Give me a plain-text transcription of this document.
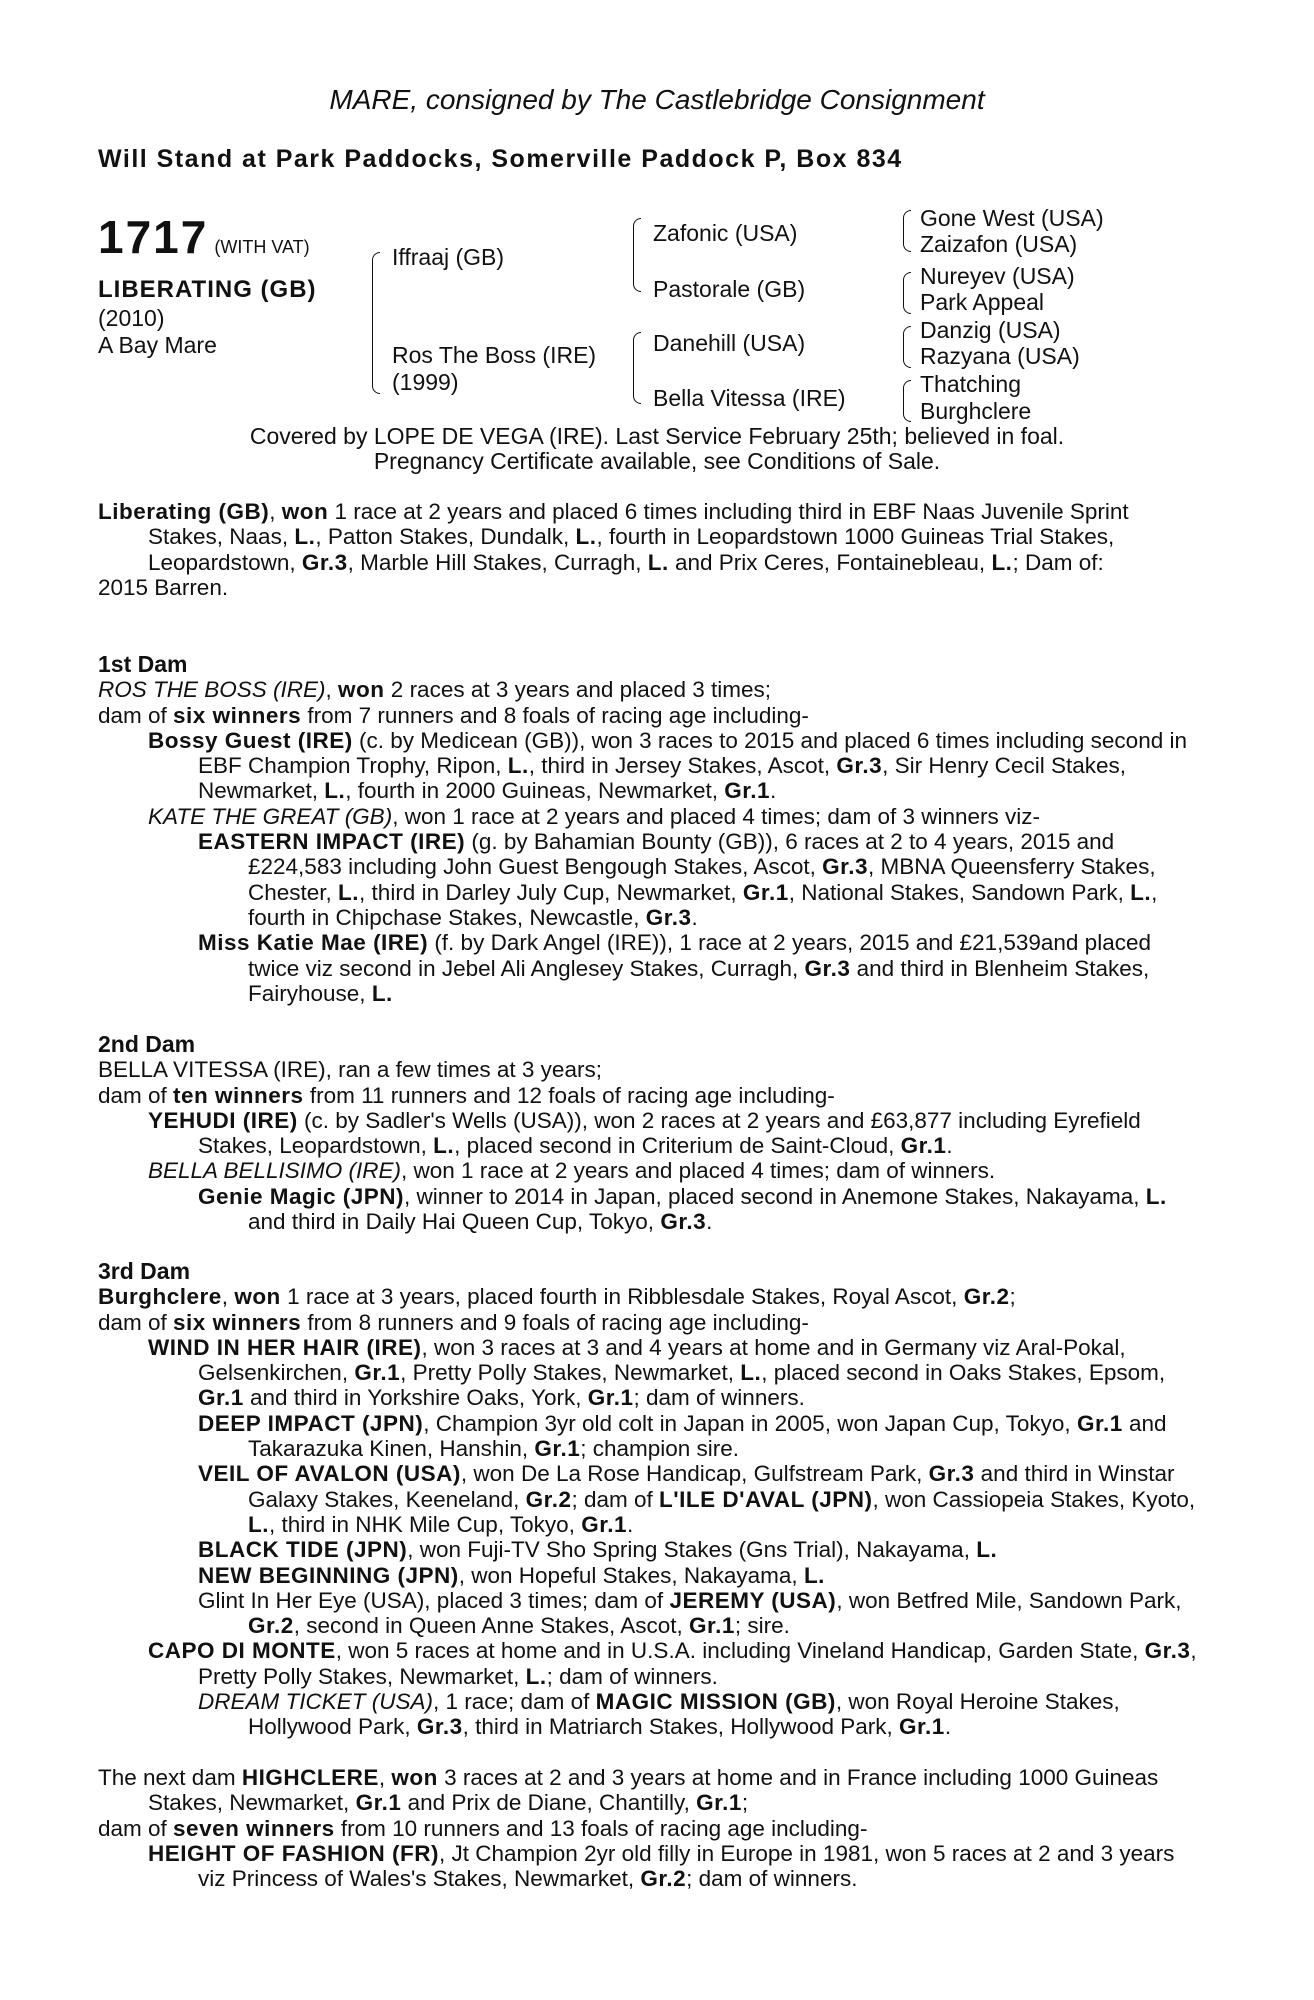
MARE, consigned by The Castlebridge Consignment
Will Stand at Park Paddocks, Somerville Paddock P, Box 834
1717 (WITH VAT)
LIBERATING (GB)
(2010)
A Bay Mare
Iffraaj (GB)
Ros The Boss (IRE)
(1999)
Zafonic (USA)
Pastorale (GB)
Danehill (USA)
Bella Vitessa (IRE)
Gone West (USA)
Zaizafon (USA)
Nureyev (USA)
Park Appeal
Danzig (USA)
Razyana (USA)
Thatching
Burghclere
Covered by LOPE DE VEGA (IRE). Last Service February 25th; believed in foal.
Pregnancy Certificate available, see Conditions of Sale.

Liberating (GB), won 1 race at 2 years and placed 6 times including third in EBF Naas Juvenile Sprint Stakes, Naas, L., Patton Stakes, Dundalk, L., fourth in Leopardstown 1000 Guineas Trial Stakes, Leopardstown, Gr.3, Marble Hill Stakes, Curragh, L. and Prix Ceres, Fontainebleau, L.; Dam of:

2015 Barren.

1st Dam

ROS THE BOSS (IRE), won 2 races at 3 years and placed 3 times;

dam of six winners from 7 runners and 8 foals of racing age including-

Bossy Guest (IRE) (c. by Medicean (GB)), won 3 races to 2015 and placed 6 times including second in EBF Champion Trophy, Ripon, L., third in Jersey Stakes, Ascot, Gr.3, Sir Henry Cecil Stakes, Newmarket, L., fourth in 2000 Guineas, Newmarket, Gr.1.

KATE THE GREAT (GB), won 1 race at 2 years and placed 4 times; dam of 3 winners viz-

EASTERN IMPACT (IRE) (g. by Bahamian Bounty (GB)), 6 races at 2 to 4 years, 2015 and £224,583 including John Guest Bengough Stakes, Ascot, Gr.3, MBNA Queensferry Stakes, Chester, L., third in Darley July Cup, Newmarket, Gr.1, National Stakes, Sandown Park, L., fourth in Chipchase Stakes, Newcastle, Gr.3.

Miss Katie Mae (IRE) (f. by Dark Angel (IRE)), 1 race at 2 years, 2015 and £21,539and placed twice viz second in Jebel Ali Anglesey Stakes, Curragh, Gr.3 and third in Blenheim Stakes, Fairyhouse, L.

2nd Dam

BELLA VITESSA (IRE), ran a few times at 3 years;

dam of ten winners from 11 runners and 12 foals of racing age including-

YEHUDI (IRE) (c. by Sadler's Wells (USA)), won 2 races at 2 years and £63,877 including Eyrefield Stakes, Leopardstown, L., placed second in Criterium de Saint-Cloud, Gr.1.

BELLA BELLISIMO (IRE), won 1 race at 2 years and placed 4 times; dam of winners.

Genie Magic (JPN), winner to 2014 in Japan, placed second in Anemone Stakes, Nakayama, L. and third in Daily Hai Queen Cup, Tokyo, Gr.3.

3rd Dam

Burghclere, won 1 race at 3 years, placed fourth in Ribblesdale Stakes, Royal Ascot, Gr.2;

dam of six winners from 8 runners and 9 foals of racing age including-

WIND IN HER HAIR (IRE), won 3 races at 3 and 4 years at home and in Germany viz Aral-Pokal, Gelsenkirchen, Gr.1, Pretty Polly Stakes, Newmarket, L., placed second in Oaks Stakes, Epsom, Gr.1 and third in Yorkshire Oaks, York, Gr.1; dam of winners.

DEEP IMPACT (JPN), Champion 3yr old colt in Japan in 2005, won Japan Cup, Tokyo, Gr.1 and Takarazuka Kinen, Hanshin, Gr.1; champion sire.

VEIL OF AVALON (USA), won De La Rose Handicap, Gulfstream Park, Gr.3 and third in Winstar Galaxy Stakes, Keeneland, Gr.2; dam of L'ILE D'AVAL (JPN), won Cassiopeia Stakes, Kyoto, L., third in NHK Mile Cup, Tokyo, Gr.1.

BLACK TIDE (JPN), won Fuji-TV Sho Spring Stakes (Gns Trial), Nakayama, L.

NEW BEGINNING (JPN), won Hopeful Stakes, Nakayama, L.

Glint In Her Eye (USA), placed 3 times; dam of JEREMY (USA), won Betfred Mile, Sandown Park, Gr.2, second in Queen Anne Stakes, Ascot, Gr.1; sire.

CAPO DI MONTE, won 5 races at home and in U.S.A. including Vineland Handicap, Garden State, Gr.3, Pretty Polly Stakes, Newmarket, L.; dam of winners.

DREAM TICKET (USA), 1 race; dam of MAGIC MISSION (GB), won Royal Heroine Stakes, Hollywood Park, Gr.3, third in Matriarch Stakes, Hollywood Park, Gr.1.

The next dam HIGHCLERE, won 3 races at 2 and 3 years at home and in France including 1000 Guineas Stakes, Newmarket, Gr.1 and Prix de Diane, Chantilly, Gr.1;

dam of seven winners from 10 runners and 13 foals of racing age including-

HEIGHT OF FASHION (FR), Jt Champion 2yr old filly in Europe in 1981, won 5 races at 2 and 3 years viz Princess of Wales's Stakes, Newmarket, Gr.2; dam of winners.
